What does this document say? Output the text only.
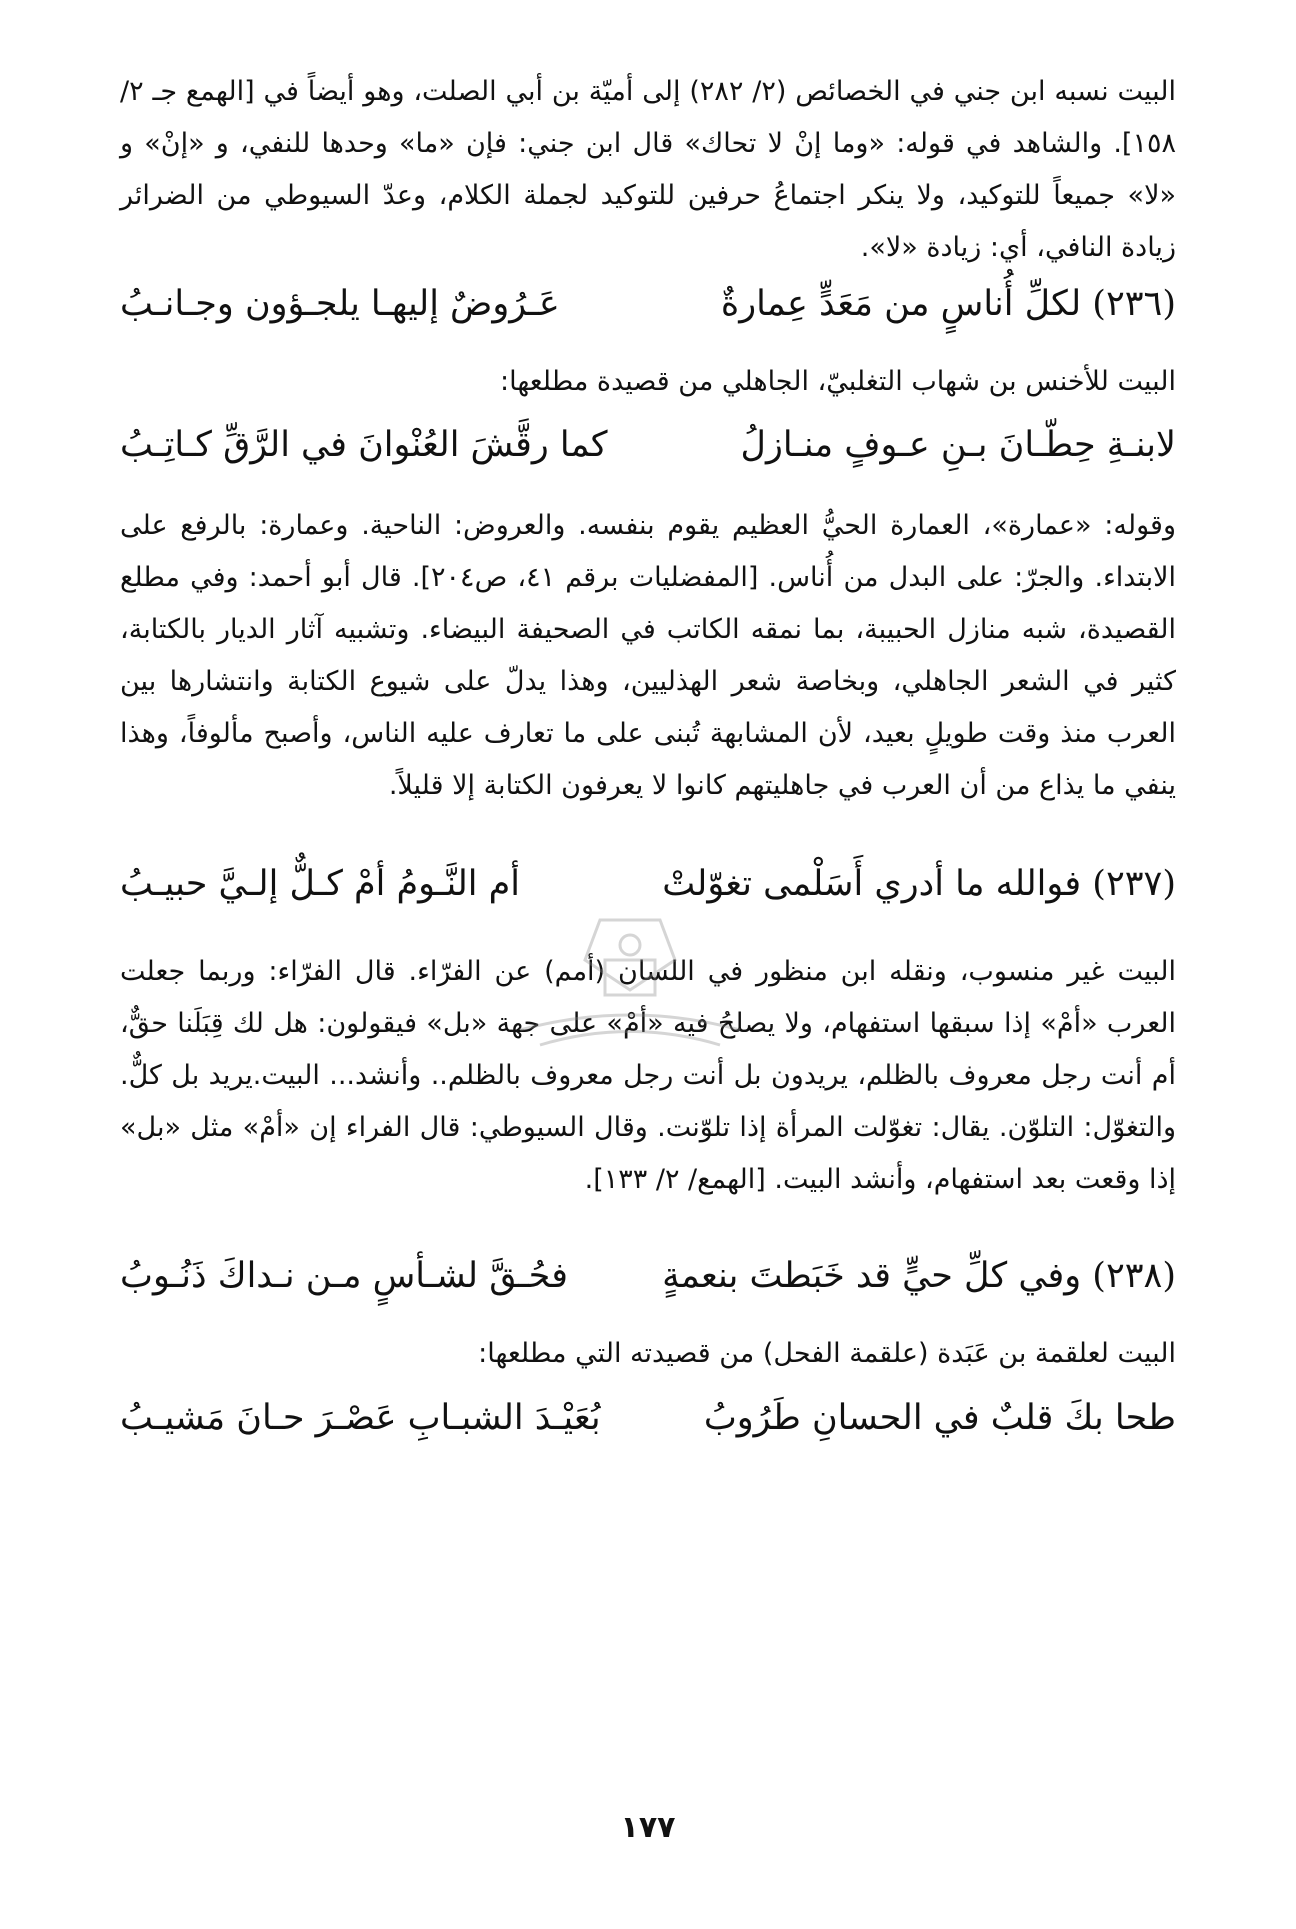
البيت نسبه ابن جني في الخصائص (٢/ ٢٨٢) إلى أميّة بن أبي الصلت، وهو أيضاً في [الهمع جـ ٢/ ١٥٨]. والشاهد في قوله: «وما إنْ لا تحاك» قال ابن جني: فإن «ما» وحدها للنفي، و «إنْ» و «لا» جميعاً للتوكيد، ولا ينكر اجتماعُ حرفين للتوكيد لجملة الكلام، وعدّ السيوطي من الضرائر زيادة النافي، أي: زيادة «لا».

(٢٣٦) لكلِّ أُناسٍ من مَعَدٍّ عِمارةٌ
عَـرُوضٌ إليهـا يلجـؤون وجـانـبُ

البيت للأخنس بن شهاب التغلبيّ، الجاهلي من قصيدة مطلعها:

لابنـةِ حِطّـانَ بـنِ عـوفٍ منـازلُ
كما رقَّشَ العُنْوانَ في الرَّقِّ كـاتِـبُ

وقوله: «عمارة»، العمارة الحيُّ العظيم يقوم بنفسه. والعروض: الناحية. وعمارة: بالرفع على الابتداء. والجرّ: على البدل من أُناس. [المفضليات برقم ٤١، ص٢٠٤]. قال أبو أحمد: وفي مطلع القصيدة، شبه منازل الحبيبة، بما نمقه الكاتب في الصحيفة البيضاء. وتشبيه آثار الديار بالكتابة، كثير في الشعر الجاهلي، وبخاصة شعر الهذليين، وهذا يدلّ على شيوع الكتابة وانتشارها بين العرب منذ وقت طويلٍ بعيد، لأن المشابهة تُبنى على ما تعارف عليه الناس، وأصبح مألوفاً، وهذا ينفي ما يذاع من أن العرب في جاهليتهم كانوا لا يعرفون الكتابة إلا قليلاً.

(٢٣٧) فوالله ما أدري أَسَلْمى تغوّلتْ
أم النَّـومُ أمْ كـلٌّ إلـيَّ حبيـبُ

البيت غير منسوب، ونقله ابن منظور في اللسان (أمم) عن الفرّاء. قال الفرّاء: وربما جعلت العرب «أمْ» إذا سبقها استفهام، ولا يصلحُ فيه «أمْ» على جهة «بل» فيقولون: هل لك قِبَلَنا حقٌّ، أم أنت رجل معروف بالظلم، يريدون بل أنت رجل معروف بالظلم.. وأنشد... البيت.يريد بل كلٌّ. والتغوّل: التلوّن. يقال: تغوّلت المرأة إذا تلوّنت. وقال السيوطي: قال الفراء إن «أمْ» مثل «بل» إذا وقعت بعد استفهام، وأنشد البيت. [الهمع/ ٢/ ١٣٣].

(٢٣٨) وفي كلِّ حيٍّ قد خَبَطتَ بنعمةٍ
فحُـقَّ لشـأسٍ مـن نـداكَ ذَنُـوبُ

البيت لعلقمة بن عَبَدة (علقمة الفحل) من قصيدته التي مطلعها:

طحا بكَ قلبٌ في الحسانِ طَرُوبُ
بُعَيْـدَ الشبـابِ عَصْـرَ حـانَ مَشيـبُ
١٧٧
